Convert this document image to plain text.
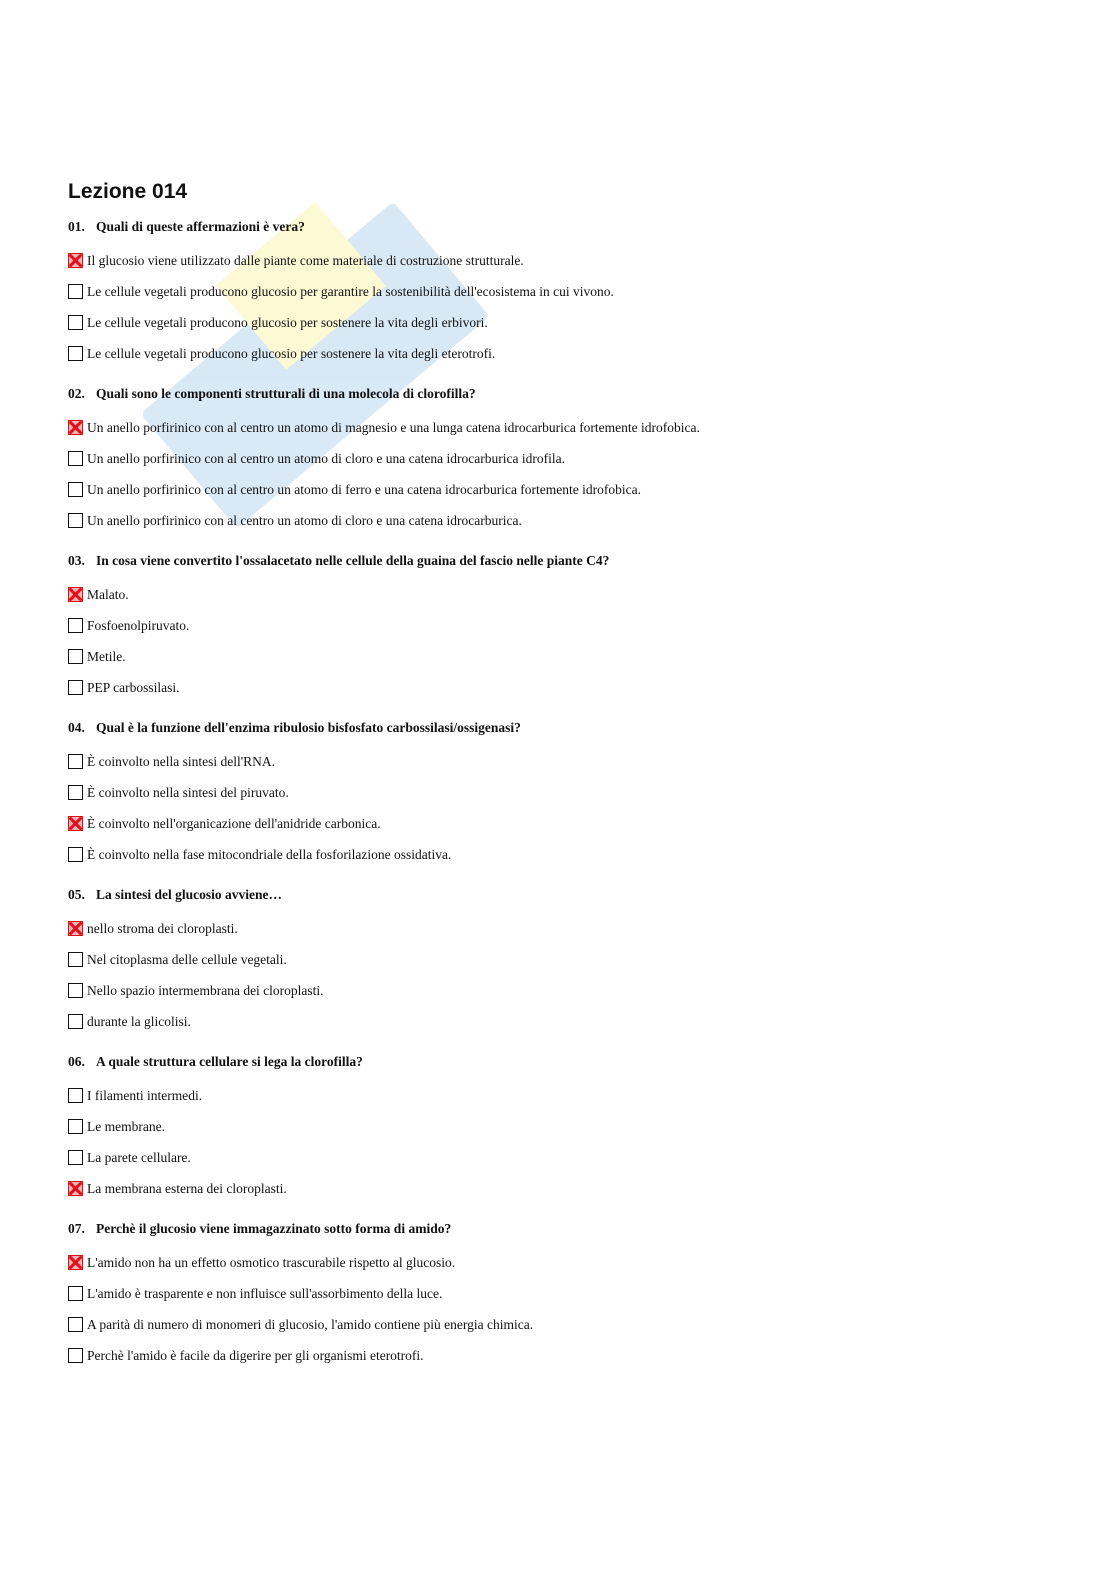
Lezione 014
01. Quali di queste affermazioni è vera?
Il glucosio viene utilizzato dalle piante come materiale di costruzione strutturale.
Le cellule vegetali producono glucosio per garantire la sostenibilità dell'ecosistema in cui vivono.
Le cellule vegetali producono glucosio per sostenere la vita degli erbivori.
Le cellule vegetali producono glucosio per sostenere la vita degli eterotrofi.
02. Quali sono le componenti strutturali di una molecola di clorofilla?
Un anello porfirinico con al centro un atomo di magnesio e una lunga catena idrocarburica fortemente idrofobica.
Un anello porfirinico con al centro un atomo di cloro e una catena idrocarburica idrofila.
Un anello porfirinico con al centro un atomo di ferro e una catena idrocarburica fortemente idrofobica.
Un anello porfirinico con al centro un atomo di cloro e una catena idrocarburica.
03. In cosa viene convertito l'ossalacetato nelle cellule della guaina del fascio nelle piante C4?
Malato.
Fosfoenolpiruvato.
Metile.
PEP carbossilasi.
04. Qual è la funzione dell'enzima ribulosio bisfosfato carbossilasi/ossigenasi?
È coinvolto nella sintesi dell'RNA.
È coinvolto nella sintesi del piruvato.
È coinvolto nell'organicazione dell'anidride carbonica.
È coinvolto nella fase mitocondriale della fosforilazione ossidativa.
05. La sintesi del glucosio avviene…
nello stroma dei cloroplasti.
Nel citoplasma delle cellule vegetali.
Nello spazio intermembrana dei cloroplasti.
durante la glicolisi.
06. A quale struttura cellulare si lega la clorofilla?
I filamenti intermedi.
Le membrane.
La parete cellulare.
La membrana esterna dei cloroplasti.
07. Perchè il glucosio viene immagazzinato sotto forma di amido?
L'amido non ha un effetto osmotico trascurabile rispetto al glucosio.
L'amido è trasparente e non influisce sull'assorbimento della luce.
A parità di numero di monomeri di glucosio, l'amido contiene più energia chimica.
Perchè l'amido è facile da digerire per gli organismi eterotrofi.
